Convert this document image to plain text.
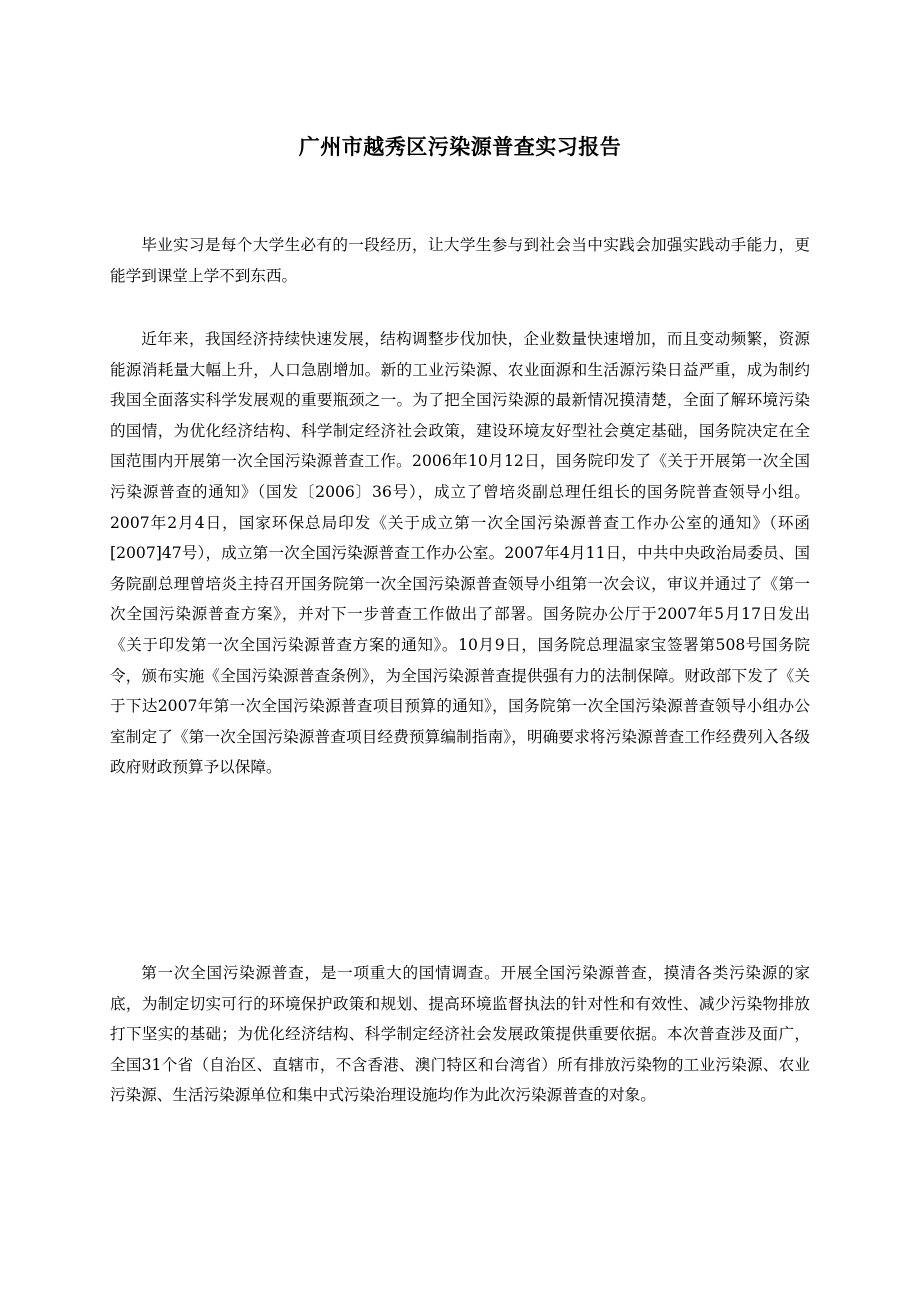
广州市越秀区污染源普查实习报告

毕业实习是每个大学生必有的一段经历，让大学生参与到社会当中实践会加强实践动手能力，更能学到课堂上学不到东西。

近年来，我国经济持续快速发展，结构调整步伐加快，企业数量快速增加，而且变动频繁，资源能源消耗量大幅上升，人口急剧增加。新的工业污染源、农业面源和生活源污染日益严重，成为制约我国全面落实科学发展观的重要瓶颈之一。为了把全国污染源的最新情况摸清楚，全面了解环境污染的国情，为优化经济结构、科学制定经济社会政策，建设环境友好型社会奠定基础，国务院决定在全国范围内开展第一次全国污染源普查工作。2006年10月12日，国务院印发了《关于开展第一次全国污染源普查的通知》（国发〔2006〕36号），成立了曾培炎副总理任组长的国务院普查领导小组。2007年2月4日，国家环保总局印发《关于成立第一次全国污染源普查工作办公室的通知》（环函[2007]47号），成立第一次全国污染源普查工作办公室。2007年4月11日，中共中央政治局委员、国务院副总理曾培炎主持召开国务院第一次全国污染源普查领导小组第一次会议，审议并通过了《第一次全国污染源普查方案》，并对下一步普查工作做出了部署。国务院办公厅于2007年5月17日发出《关于印发第一次全国污染源普查方案的通知》。10月9日，国务院总理温家宝签署第508号国务院令，颁布实施《全国污染源普查条例》，为全国污染源普查提供强有力的法制保障。财政部下发了《关于下达2007年第一次全国污染源普查项目预算的通知》，国务院第一次全国污染源普查领导小组办公室制定了《第一次全国污染源普查项目经费预算编制指南》，明确要求将污染源普查工作经费列入各级政府财政预算予以保障。

第一次全国污染源普查，是一项重大的国情调查。开展全国污染源普查，摸清各类污染源的家底，为制定切实可行的环境保护政策和规划、提高环境监督执法的针对性和有效性、减少污染物排放打下坚实的基础；为优化经济结构、科学制定经济社会发展政策提供重要依据。本次普查涉及面广，全国31个省（自治区、直辖市，不含香港、澳门特区和台湾省）所有排放污染物的工业污染源、农业污染源、生活污染源单位和集中式污染治理设施均作为此次污染源普查的对象。
